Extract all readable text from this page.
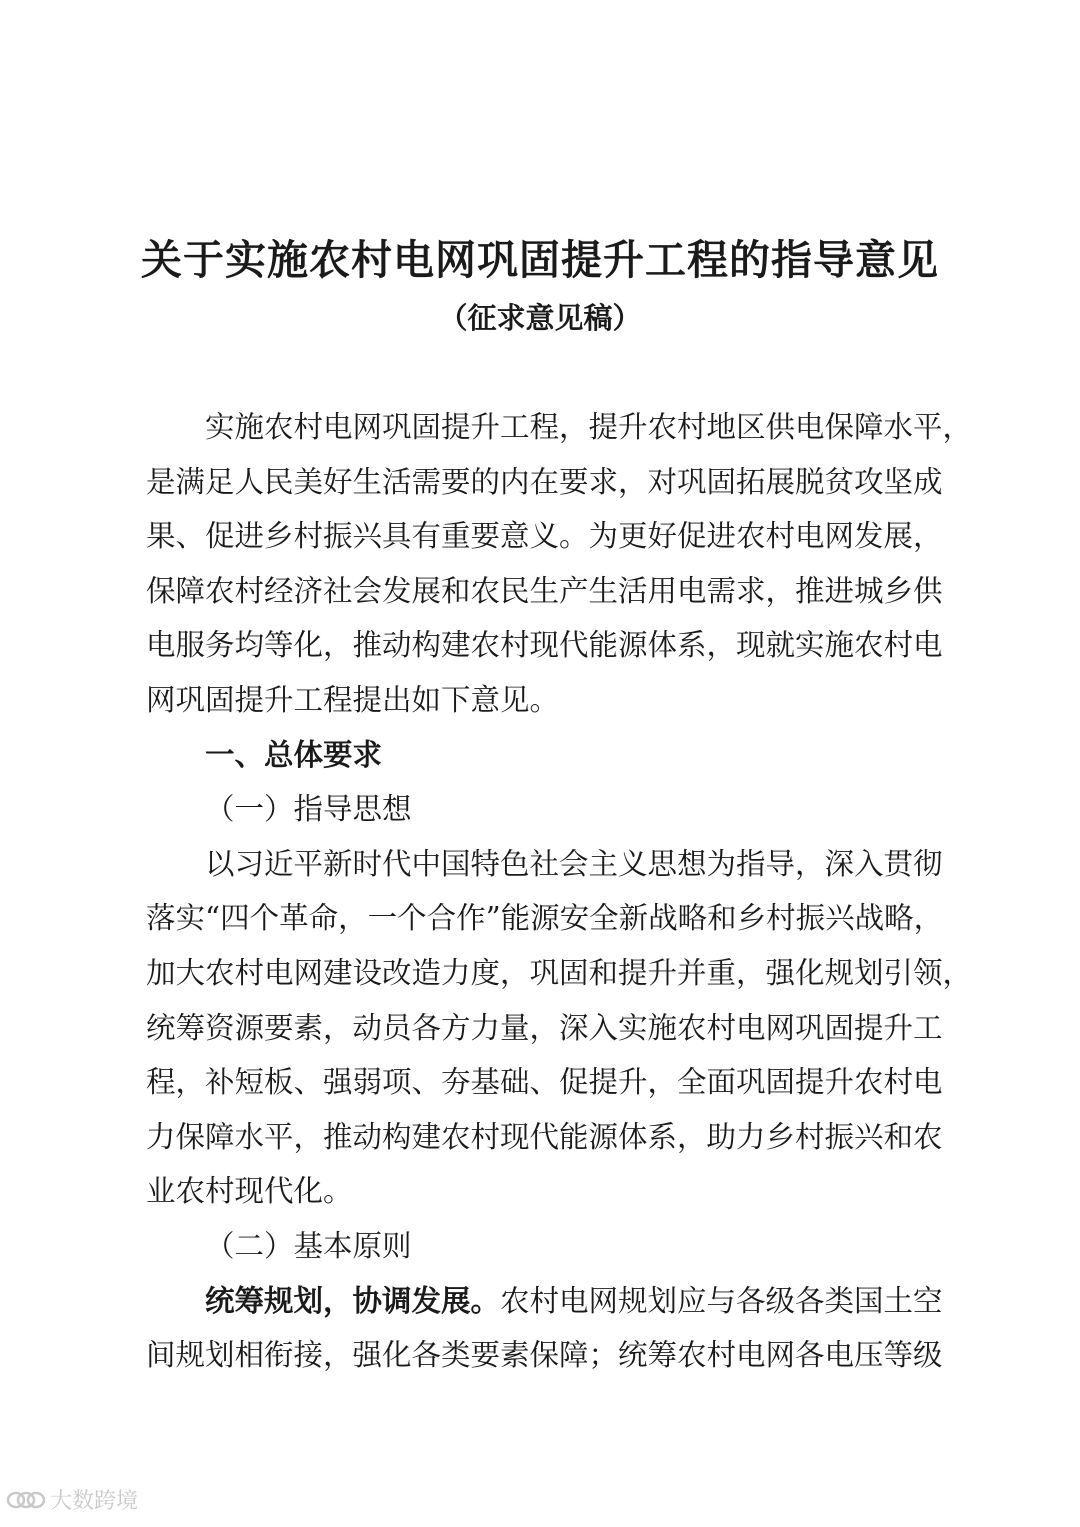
关于实施农村电网巩固提升工程的指导意见
（征求意见稿）
实施农村电网巩固提升工程，提升农村地区供电保障水平，
是满足人民美好生活需要的内在要求，对巩固拓展脱贫攻坚成
果、促进乡村振兴具有重要意义。为更好促进农村电网发展，
保障农村经济社会发展和农民生产生活用电需求，推进城乡供
电服务均等化，推动构建农村现代能源体系，现就实施农村电
网巩固提升工程提出如下意见。
一、总体要求
（一）指导思想
以习近平新时代中国特色社会主义思想为指导，深入贯彻
落实“四个革命，一个合作”能源安全新战略和乡村振兴战略，
加大农村电网建设改造力度，巩固和提升并重，强化规划引领，
统筹资源要素，动员各方力量，深入实施农村电网巩固提升工
程，补短板、强弱项、夯基础、促提升，全面巩固提升农村电
力保障水平，推动构建农村现代能源体系，助力乡村振兴和农
业农村现代化。
（二）基本原则
统筹规划，协调发展。农村电网规划应与各级各类国土空
间规划相衔接，强化各类要素保障；统筹农村电网各电压等级
大数跨境
